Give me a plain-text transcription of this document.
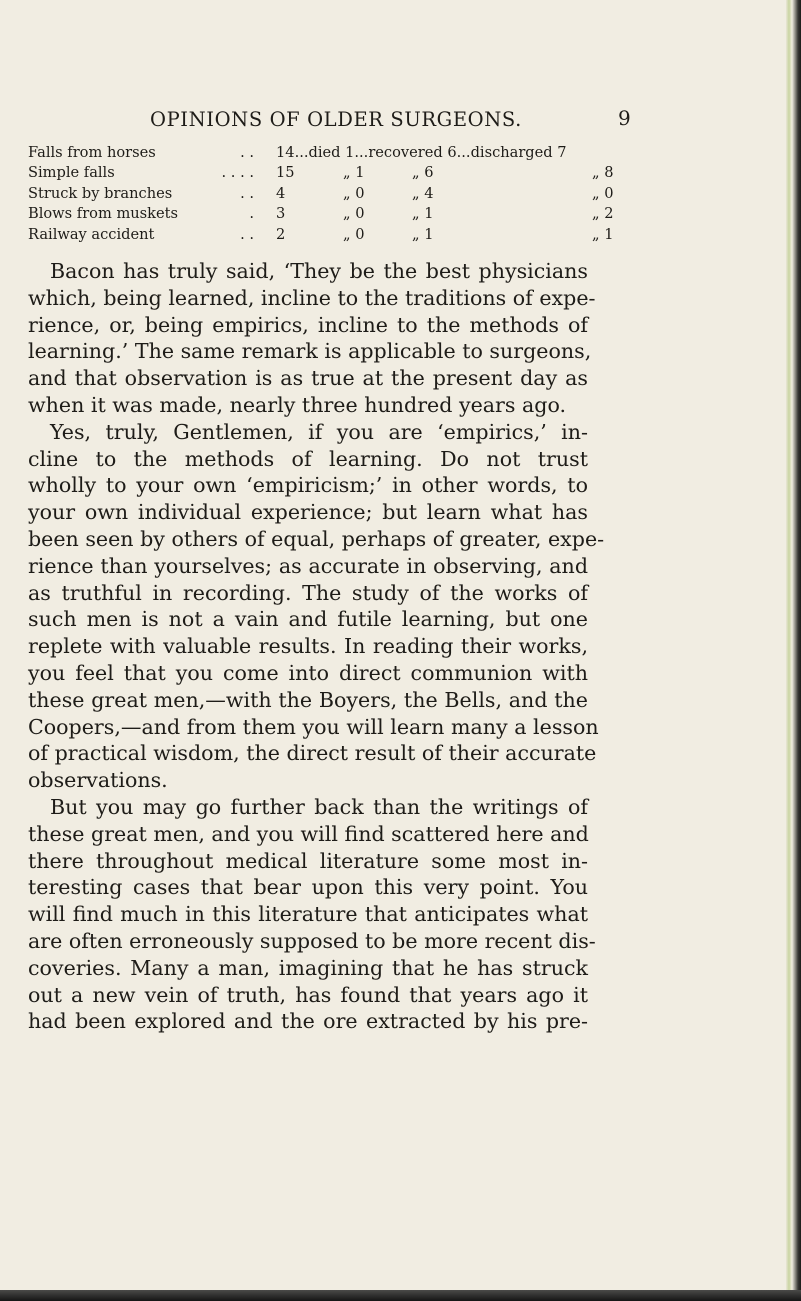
OPINIONS OF OLDER SURGEONS.	9
Falls from horses	. . 14...died 1...recovered 6...discharged 7
Simple falls	. . . . 15	„ 1	„ 6	„ 8
Struck by branches	. . 4	„ 0	„ 4	„ 0
Blows from muskets	. 3	„ 0	„ 1	„ 2
Railway accident	. . 2	„ 0	„ 1	„ 1
Bacon has truly said, ‘They be the best physicians
which, being learned, incline to the traditions of expe-
rience, or, being empirics, incline to the methods of
learning.’ The same remark is applicable to surgeons,
and that observation is as true at the present day as
when it was made, nearly three hundred years ago.
Yes, truly, Gentlemen, if you are ‘empirics,’ in-
cline to the methods of learning. Do not trust
wholly to your own ‘empiricism;’ in other words, to
your own individual experience; but learn what has
been seen by others of equal, perhaps of greater, expe-
rience than yourselves; as accurate in observing, and
as truthful in recording. The study of the works of
such men is not a vain and futile learning, but one
replete with valuable results. In reading their works,
you feel that you come into direct communion with
these great men,—with the Boyers, the Bells, and the
Coopers,—and from them you will learn many a lesson
of practical wisdom, the direct result of their accurate
observations.
But you may go further back than the writings of
these great men, and you will find scattered here and
there throughout medical literature some most in-
teresting cases that bear upon this very point. You
will find much in this literature that anticipates what
are often erroneously supposed to be more recent dis-
coveries. Many a man, imagining that he has struck
out a new vein of truth, has found that years ago it
had been explored and the ore extracted by his pre-
